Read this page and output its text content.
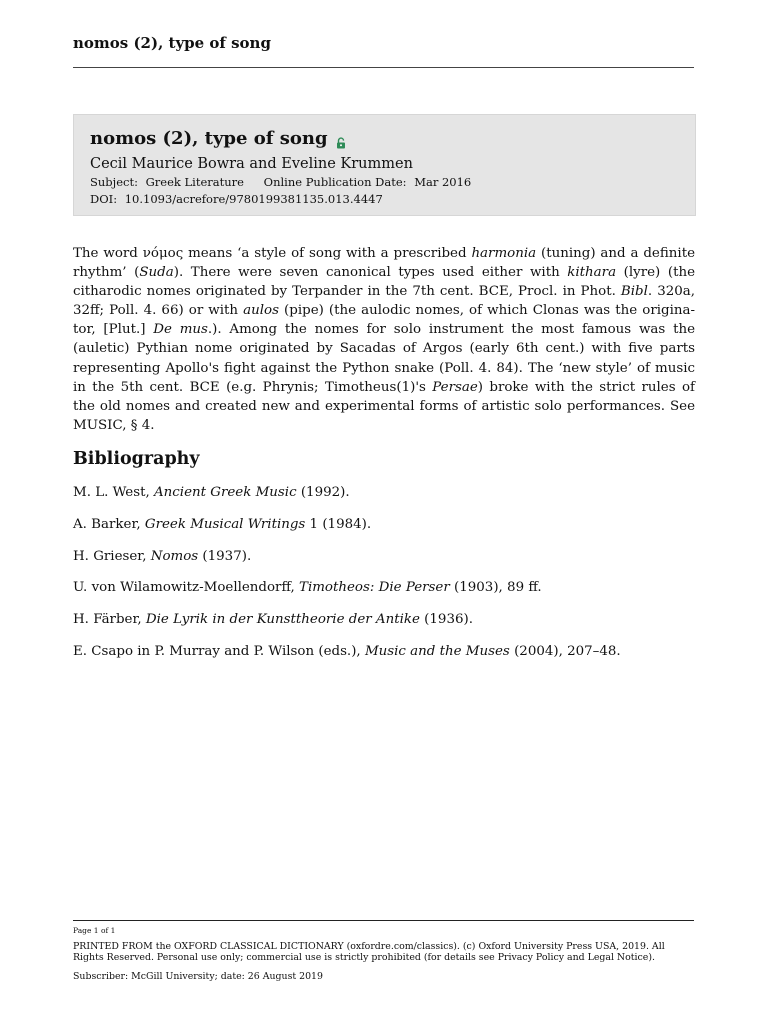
nomos (2), type of song
nomos (2), type of song
Cecil Maurice Bowra and Eveline Krummen
Subject: Greek Literature Online Publication Date: Mar 2016
DOI: 10.1093/acrefore/9780199381135.013.4447

The word νόμος means ‘a style of song with a prescribed harmonia (tuning) and a definite
rhythm’ (Suda). There were seven canonical types used either with kithara (lyre) (the
citharodic nomes originated by Terpander in the 7th cent. BCE, Procl. in Phot. Bibl. 320a,
32ff; Poll. 4. 66) or with aulos (pipe) (the aulodic nomes, of which Clonas was the origina-
tor, [Plut.] De mus.). Among the nomes for solo instrument the most famous was the
(auletic) Pythian nome originated by Sacadas of Argos (early 6th cent.) with five parts
representing Apollo's fight against the Python snake (Poll. 4. 84). The ‘new style’ of music
in the 5th cent. BCE (e.g. Phrynis; Timotheus(1)'s Persae) broke with the strict rules of
the old nomes and created new and experimental forms of artistic solo performances. See
MUSIC, § 4.

Bibliography
M. L. West, Ancient Greek Music (1992).
A. Barker, Greek Musical Writings 1 (1984).
H. Grieser, Nomos (1937).
U. von Wilamowitz-Moellendorff, Timotheos: Die Perser (1903), 89 ff.
H. Färber, Die Lyrik in der Kunsttheorie der Antike (1936).
E. Csapo in P. Murray and P. Wilson (eds.), Music and the Muses (2004), 207–48.
Page 1 of 1
PRINTED FROM the OXFORD CLASSICAL DICTIONARY (oxfordre.com/classics). (c) Oxford University Press USA, 2019. All Rights Reserved. Personal use only; commercial use is strictly prohibited (for details see Privacy Policy and Legal Notice).
Subscriber: McGill University; date: 26 August 2019
